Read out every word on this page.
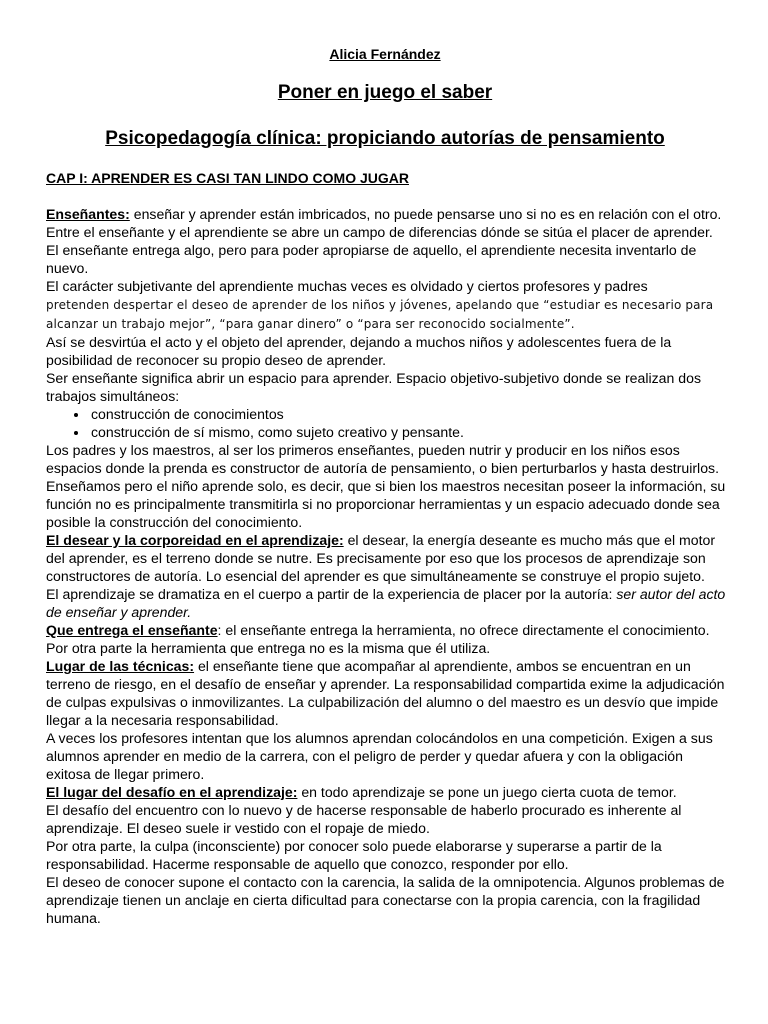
Alicia Fernández
Poner en juego el saber
Psicopedagogía clínica: propiciando autorías de pensamiento
CAP I: APRENDER ES CASI TAN LINDO COMO JUGAR

Enseñantes: enseñar y aprender están imbricados, no puede pensarse uno si no es en relación con el otro.

Entre el enseñante y el aprendiente se abre un campo de diferencias dónde se sitúa el placer de aprender. El enseñante entrega algo, pero para poder apropiarse de aquello, el aprendiente necesita inventarlo de nuevo.

El carácter subjetivante del aprendiente muchas veces es olvidado y ciertos profesores y padres
pretenden despertar el deseo de aprender de los niños y jóvenes, apelando que “estudiar es necesario para alcanzar un trabajo mejor”, “para ganar dinero” o “para ser reconocido socialmente”.

Así se desvirtúa el acto y el objeto del aprender, dejando a muchos niños y adolescentes fuera de la posibilidad de reconocer su propio deseo de aprender.

Ser enseñante significa abrir un espacio para aprender. Espacio objetivo-subjetivo donde se realizan dos trabajos simultáneos:

• construcción de conocimientos
• construcción de sí mismo, como sujeto creativo y pensante.

Los padres y los maestros, al ser los primeros enseñantes, pueden nutrir y producir en los niños esos espacios donde la prenda es constructor de autoría de pensamiento, o bien perturbarlos y hasta destruirlos.

Enseñamos pero el niño aprende solo, es decir, que si bien los maestros necesitan poseer la información, su función no es principalmente transmitirla si no proporcionar herramientas y un espacio adecuado donde sea posible la construcción del conocimiento.

El desear y la corporeidad en el aprendizaje: el desear, la energía deseante es mucho más que el motor del aprender, es el terreno donde se nutre. Es precisamente por eso que los procesos de aprendizaje son constructores de autoría. Lo esencial del aprender es que simultáneamente se construye el propio sujeto.

El aprendizaje se dramatiza en el cuerpo a partir de la experiencia de placer por la autoría: ser autor del acto de enseñar y aprender.

Que entrega el enseñante: el enseñante entrega la herramienta, no ofrece directamente el conocimiento. Por otra parte la herramienta que entrega no es la misma que él utiliza.

Lugar de las técnicas: el enseñante tiene que acompañar al aprendiente, ambos se encuentran en un terreno de riesgo, en el desafío de enseñar y aprender. La responsabilidad compartida exime la adjudicación de culpas expulsivas o inmovilizantes. La culpabilización del alumno o del maestro es un desvío que impide llegar a la necesaria responsabilidad.

A veces los profesores intentan que los alumnos aprendan colocándolos en una competición. Exigen a sus alumnos aprender en medio de la carrera, con el peligro de perder y quedar afuera y con la obligación exitosa de llegar primero.

El lugar del desafío en el aprendizaje: en todo aprendizaje se pone un juego cierta cuota de temor.

El desafío del encuentro con lo nuevo y de hacerse responsable de haberlo procurado es inherente al aprendizaje. El deseo suele ir vestido con el ropaje de miedo.

Por otra parte, la culpa (inconsciente) por conocer solo puede elaborarse y superarse a partir de la responsabilidad. Hacerme responsable de aquello que conozco, responder por ello.

El deseo de conocer supone el contacto con la carencia, la salida de la omnipotencia. Algunos problemas de aprendizaje tienen un anclaje en cierta dificultad para conectarse con la propia carencia, con la fragilidad humana.
